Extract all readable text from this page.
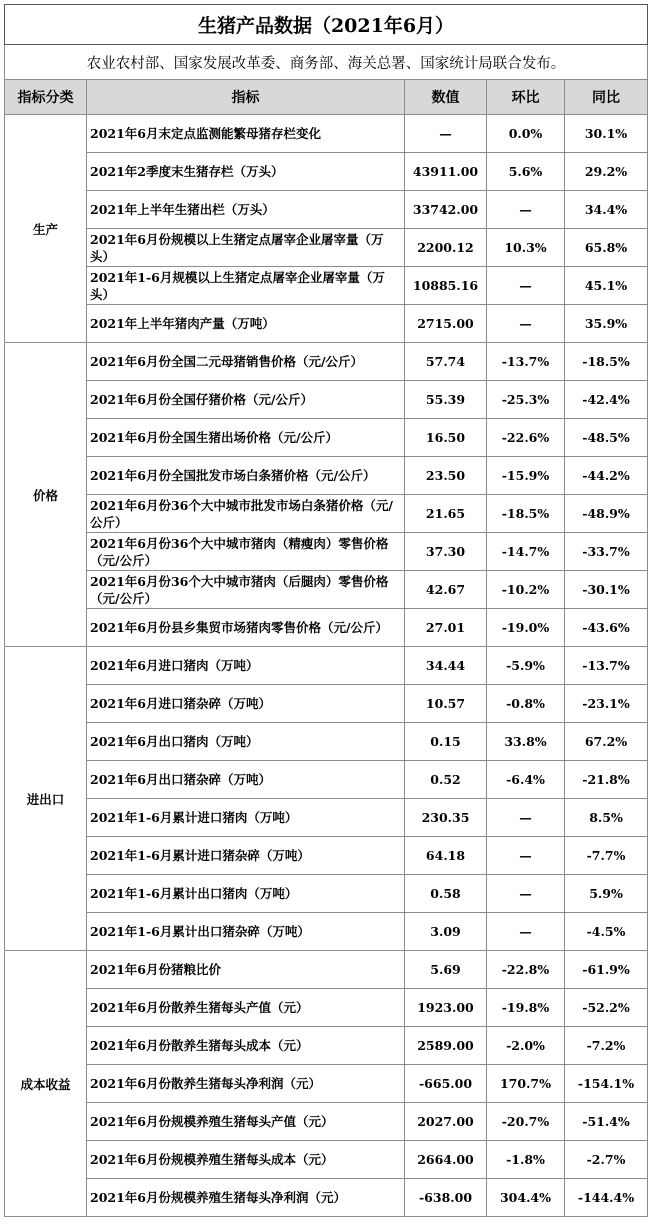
生猪产品数据（2021年6月）				
农业农村部、国家发展改革委、商务部、海关总署、国家统计局联合发布。				
指标分类	指标	数值	环比	同比
生产	2021年6月末定点监测能繁母猪存栏变化	—	0.0%	30.1%
	2021年2季度末生猪存栏（万头）	43911.00	5.6%	29.2%
	2021年上半年生猪出栏（万头）	33742.00	—	34.4%
	2021年6月份规模以上生猪定点屠宰企业屠宰量（万头）	2200.12	10.3%	65.8%
	2021年1-6月规模以上生猪定点屠宰企业屠宰量（万头）	10885.16	—	45.1%
	2021年上半年猪肉产量（万吨）	2715.00	—	35.9%
价格	2021年6月份全国二元母猪销售价格（元/公斤）	57.74	-13.7%	-18.5%
	2021年6月份全国仔猪价格（元/公斤）	55.39	-25.3%	-42.4%
	2021年6月份全国生猪出场价格（元/公斤）	16.50	-22.6%	-48.5%
	2021年6月份全国批发市场白条猪价格（元/公斤）	23.50	-15.9%	-44.2%
	2021年6月份36个大中城市批发市场白条猪价格（元/公斤）	21.65	-18.5%	-48.9%
	2021年6月份36个大中城市猪肉（精瘦肉）零售价格（元/公斤）	37.30	-14.7%	-33.7%
	2021年6月份36个大中城市猪肉（后腿肉）零售价格（元/公斤）	42.67	-10.2%	-30.1%
	2021年6月份县乡集贸市场猪肉零售价格（元/公斤）	27.01	-19.0%	-43.6%
进出口	2021年6月进口猪肉（万吨）	34.44	-5.9%	-13.7%
	2021年6月进口猪杂碎（万吨）	10.57	-0.8%	-23.1%
	2021年6月出口猪肉（万吨）	0.15	33.8%	67.2%
	2021年6月出口猪杂碎（万吨）	0.52	-6.4%	-21.8%
	2021年1-6月累计进口猪肉（万吨）	230.35	—	8.5%
	2021年1-6月累计进口猪杂碎（万吨）	64.18	—	-7.7%
	2021年1-6月累计出口猪肉（万吨）	0.58	—	5.9%
	2021年1-6月累计出口猪杂碎（万吨）	3.09	—	-4.5%
成本收益	2021年6月份猪粮比价	5.69	-22.8%	-61.9%
	2021年6月份散养生猪每头产值（元）	1923.00	-19.8%	-52.2%
	2021年6月份散养生猪每头成本（元）	2589.00	-2.0%	-7.2%
	2021年6月份散养生猪每头净利润（元）	-665.00	170.7%	-154.1%
	2021年6月份规模养殖生猪每头产值（元）	2027.00	-20.7%	-51.4%
	2021年6月份规模养殖生猪每头成本（元）	2664.00	-1.8%	-2.7%
	2021年6月份规模养殖生猪每头净利润（元）	-638.00	304.4%	-144.4%
